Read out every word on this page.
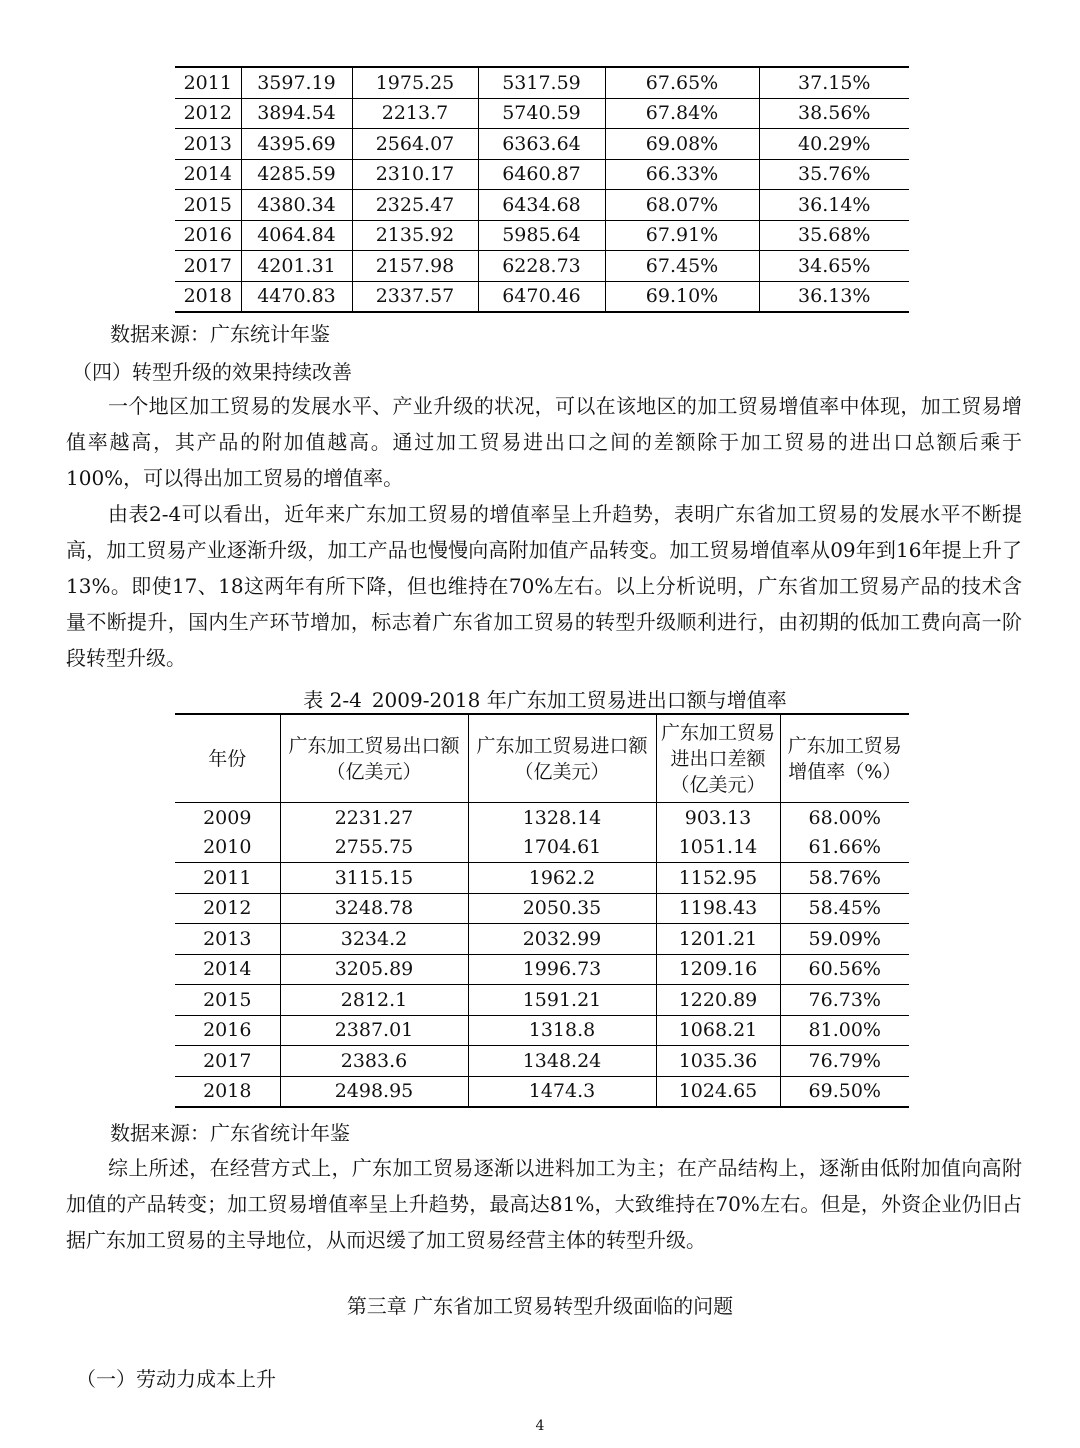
2011	3597.19	1975.25	5317.59	67.65%	37.15%
2012	3894.54	2213.7	5740.59	67.84%	38.56%
2013	4395.69	2564.07	6363.64	69.08%	40.29%
2014	4285.59	2310.17	6460.87	66.33%	35.76%
2015	4380.34	2325.47	6434.68	68.07%	36.14%
2016	4064.84	2135.92	5985.64	67.91%	35.68%
2017	4201.31	2157.98	6228.73	67.45%	34.65%
2018	4470.83	2337.57	6470.46	69.10%	36.13%
数据来源：广东统计年鉴
（四）转型升级的效果持续改善

一个地区加工贸易的发展水平、产业升级的状况，可以在该地区的加工贸易增值率中体现，加工贸易增值率越高，其产品的附加值越高。通过加工贸易进出口之间的差额除于加工贸易的进出口总额后乘于100%，可以得出加工贸易的增值率。

由表2-4可以看出，近年来广东加工贸易的增值率呈上升趋势，表明广东省加工贸易的发展水平不断提高，加工贸易产业逐渐升级，加工产品也慢慢向高附加值产品转变。加工贸易增值率从09年到16年提上升了13%。即使17、18这两年有所下降，但也维持在70%左右。以上分析说明，广东省加工贸易产品的技术含量不断提升，国内生产环节增加，标志着广东省加工贸易的转型升级顺利进行，由初期的低加工费向高一阶段转型升级。

表 2-4 2009-2018 年广东加工贸易进出口额与增值率
年份	广东加工贸易出口额（亿美元）	广东加工贸易进口额（亿美元）	广东加工贸易进出口差额（亿美元）	广东加工贸易增值率（%）
2009	2231.27	1328.14	903.13	68.00%
2010	2755.75	1704.61	1051.14	61.66%
2011	3115.15	1962.2	1152.95	58.76%
2012	3248.78	2050.35	1198.43	58.45%
2013	3234.2	2032.99	1201.21	59.09%
2014	3205.89	1996.73	1209.16	60.56%
2015	2812.1	1591.21	1220.89	76.73%
2016	2387.01	1318.8	1068.21	81.00%
2017	2383.6	1348.24	1035.36	76.79%
2018	2498.95	1474.3	1024.65	69.50%
数据来源：广东省统计年鉴

综上所述，在经营方式上，广东加工贸易逐渐以进料加工为主；在产品结构上，逐渐由低附加值向高附加值的产品转变；加工贸易增值率呈上升趋势，最高达81%，大致维持在70%左右。但是，外资企业仍旧占据广东加工贸易的主导地位，从而迟缓了加工贸易经营主体的转型升级。

第三章 广东省加工贸易转型升级面临的问题
（一）劳动力成本上升
4
